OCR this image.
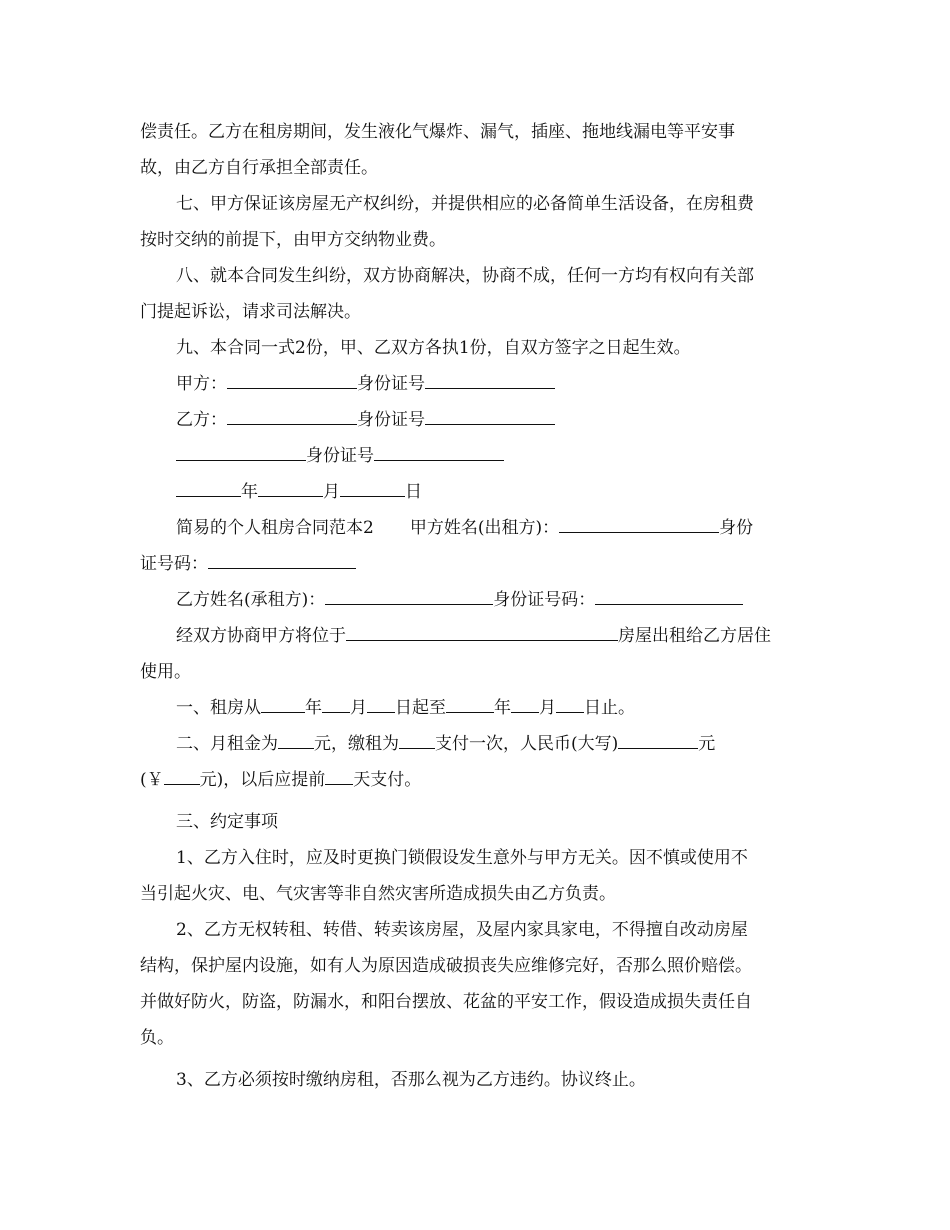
偿责任。乙方在租房期间，发生液化气爆炸、漏气，插座、拖地线漏电等平安事
故，由乙方自行承担全部责任。
七、甲方保证该房屋无产权纠纷，并提供相应的必备简单生活设备，在房租费
按时交纳的前提下，由甲方交纳物业费。
八、就本合同发生纠纷，双方协商解决，协商不成，任何一方均有权向有关部
门提起诉讼，请求司法解决。
九、本合同一式2份，甲、乙双方各执1份，自双方签字之日起生效。
甲方：	身份证号
乙方：	身份证号
身份证号
年	月	日
简易的个人租房合同范本2 甲方姓名(出租方)：	身份
证号码：
乙方姓名(承租方)：	身份证号码：
经双方协商甲方将位于	房屋出租给乙方居住
使用。
一、租房从	年 月 日起至	年 月 日止。
二、月租金为 元，缴租为 支付一次，人民币(大写)	元
(￥ 元)，以后应提前 天支付。
三、约定事项
1、乙方入住时，应及时更换门锁假设发生意外与甲方无关。因不慎或使用不
当引起火灾、电、气灾害等非自然灾害所造成损失由乙方负责。
2、乙方无权转租、转借、转卖该房屋，及屋内家具家电，不得擅自改动房屋
结构，保护屋内设施，如有人为原因造成破损丧失应维修完好，否那么照价赔偿。
并做好防火，防盗，防漏水，和阳台摆放、花盆的平安工作，假设造成损失责任自
负。
3、乙方必须按时缴纳房租，否那么视为乙方违约。协议终止。
